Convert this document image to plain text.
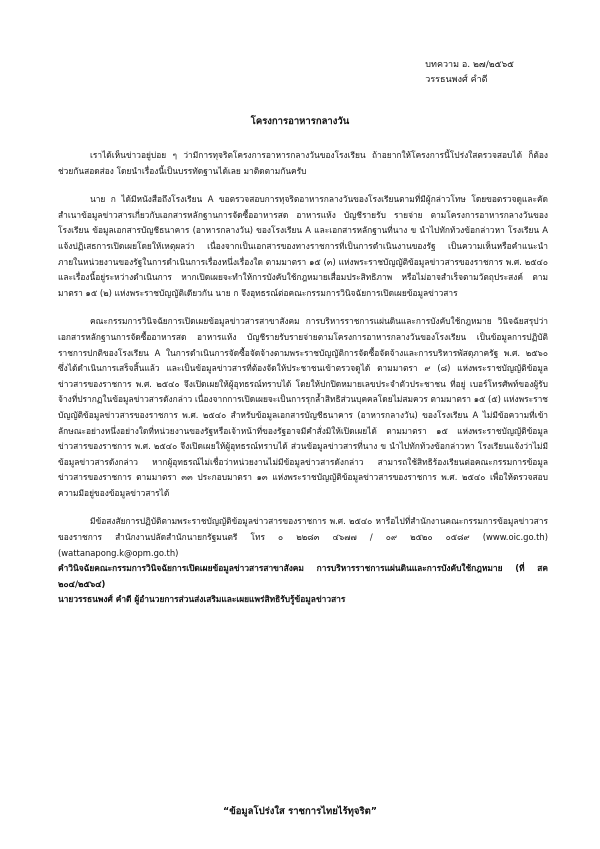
บทความ อ. ๒๗/๒๕๖๕
วรรธนพงศ์ คำดี
โครงการอาหารกลางวัน

เราได้เห็นข่าวอยู่บ่อย ๆ ว่ามีการทุจริตโครงการอาหารกลางวันของโรงเรียน ถ้าอยากให้โครงการนี้โปร่งใสตรวจสอบได้ ก็ต้องช่วยกันสอดส่อง โดยนำเรื่องนี้เป็นบรรทัดฐานได้เลย มาติดตามกันครับ

นาย ก ได้มีหนังสือถึงโรงเรียน A ขอตรวจสอบการทุจริตอาหารกลางวันของโรงเรียนตามที่มีผู้กล่าวโทษ โดยขอตรวจดูและคัดสำเนาข้อมูลข่าวสารเกี่ยวกับเอกสารหลักฐานการจัดซื้ออาหารสด อาหารแห้ง บัญชีรายรับ รายจ่าย ตามโครงการอาหารกลางวันของโรงเรียน ข้อมูลเอกสารบัญชีธนาคาร (อาหารกลางวัน) ของโรงเรียน A และเอกสารหลักฐานที่นาง ข นำไปทักท้วงข้อกล่าวหา โรงเรียน A แจ้งปฏิเสธการเปิดเผยโดยให้เหตุผลว่า เนื่องจากเป็นเอกสารของทางราชการที่เป็นการดำเนินงานของรัฐ เป็นความเห็นหรือคำแนะนำภายในหน่วยงานของรัฐในการดำเนินการเรื่องหนึ่งเรื่องใด ตามมาตรา ๑๕ (๓) แห่งพระราชบัญญัติข้อมูลข่าวสารของราชการ พ.ศ. ๒๕๔๐ และเรื่องนี้อยู่ระหว่างดำเนินการ หากเปิดเผยจะทำให้การบังคับใช้กฎหมายเสื่อมประสิทธิภาพ หรือไม่อาจสำเร็จตามวัตถุประสงค์ ตามมาตรา ๑๕ (๒) แห่งพระราชบัญญัติเดียวกัน นาย ก จึงอุทธรณ์ต่อคณะกรรมการวินิจฉัยการเปิดเผยข้อมูลข่าวสาร

คณะกรรมการวินิจฉัยการเปิดเผยข้อมูลข่าวสารสาขาสังคม การบริหารราชการแผ่นดินและการบังคับใช้กฎหมาย วินิจฉัยสรุปว่า เอกสารหลักฐานการจัดซื้ออาหารสด อาหารแห้ง บัญชีรายรับรายจ่ายตามโครงการอาหารกลางวันของโรงเรียน เป็นข้อมูลการปฏิบัติราชการปกติของโรงเรียน A ในการดำเนินการจัดซื้อจัดจ้างตามพระราชบัญญัติการจัดซื้อจัดจ้างและการบริหารพัสดุภาครัฐ พ.ศ. ๒๕๖๐ ซึ่งได้ดำเนินการเสร็จสิ้นแล้ว และเป็นข้อมูลข่าวสารที่ต้องจัดให้ประชาชนเข้าตรวจดูได้ ตามมาตรา ๙ (๘) แห่งพระราชบัญญัติข้อมูลข่าวสารของราชการ พ.ศ. ๒๕๔๐ จึงเปิดเผยให้ผู้อุทธรณ์ทราบได้ โดยให้ปกปิดหมายเลขประจำตัวประชาชน ที่อยู่ เบอร์โทรศัพท์ของผู้รับจ้างที่ปรากฏในข้อมูลข่าวสารดังกล่าว เนื่องจากการเปิดเผยจะเป็นการรุกล้ำสิทธิส่วนบุคคลโดยไม่สมควร ตามมาตรา ๑๕ (๕) แห่งพระราชบัญญัติข้อมูลข่าวสารของราชการ พ.ศ. ๒๕๔๐ สำหรับข้อมูลเอกสารบัญชีธนาคาร (อาหารกลางวัน) ของโรงเรียน A ไม่มีข้อความที่เข้าลักษณะอย่างหนึ่งอย่างใดที่หน่วยงานของรัฐหรือเจ้าหน้าที่ของรัฐอาจมีคำสั่งมิให้เปิดเผยได้ ตามมาตรา ๑๕ แห่งพระราชบัญญัติข้อมูลข่าวสารของราชการ พ.ศ. ๒๕๔๐ จึงเปิดเผยให้ผู้อุทธรณ์ทราบได้ ส่วนข้อมูลข่าวสารที่นาง ข นำไปทักท้วงข้อกล่าวหา โรงเรียนแจ้งว่าไม่มีข้อมูลข่าวสารดังกล่าว หากผู้อุทธรณ์ไม่เชื่อว่าหน่วยงานไม่มีข้อมูลข่าวสารดังกล่าว สามารถใช้สิทธิร้องเรียนต่อคณะกรรมการข้อมูลข่าวสารของราชการ ตามมาตรา ๓๓ ประกอบมาตรา ๑๓ แห่งพระราชบัญญัติข้อมูลข่าวสารของราชการ พ.ศ. ๒๕๔๐ เพื่อให้ตรวจสอบความมีอยู่ของข้อมูลข่าวสารได้

มีข้อสงสัยการปฏิบัติตามพระราชบัญญัติข้อมูลข่าวสารของราชการ พ.ศ. ๒๕๔๐ หารือไปที่สำนักงานคณะกรรมการข้อมูลข่าวสารของราชการ สำนักงานปลัดสำนักนายกรัฐมนตรี โทร ๐ ๒๒๘๓ ๔๖๗๗ / ๐๙ ๒๕๒๐ ๐๕๘๙ (www.oic.go.th) (wattanapong.k@opm.go.th)

คำวินิจฉัยคณะกรรมการวินิจฉัยการเปิดเผยข้อมูลข่าวสารสาขาสังคม การบริหารราชการแผ่นดินและการบังคับใช้กฎหมาย (ที่ สค ๒๐๔/๒๕๖๔)

นายวรรธนพงศ์ คำดี ผู้อำนวยการส่วนส่งเสริมและเผยแพร่สิทธิรับรู้ข้อมูลข่าวสาร

“ข้อมูลโปร่งใส ราชการไทยไร้ทุจริต”
